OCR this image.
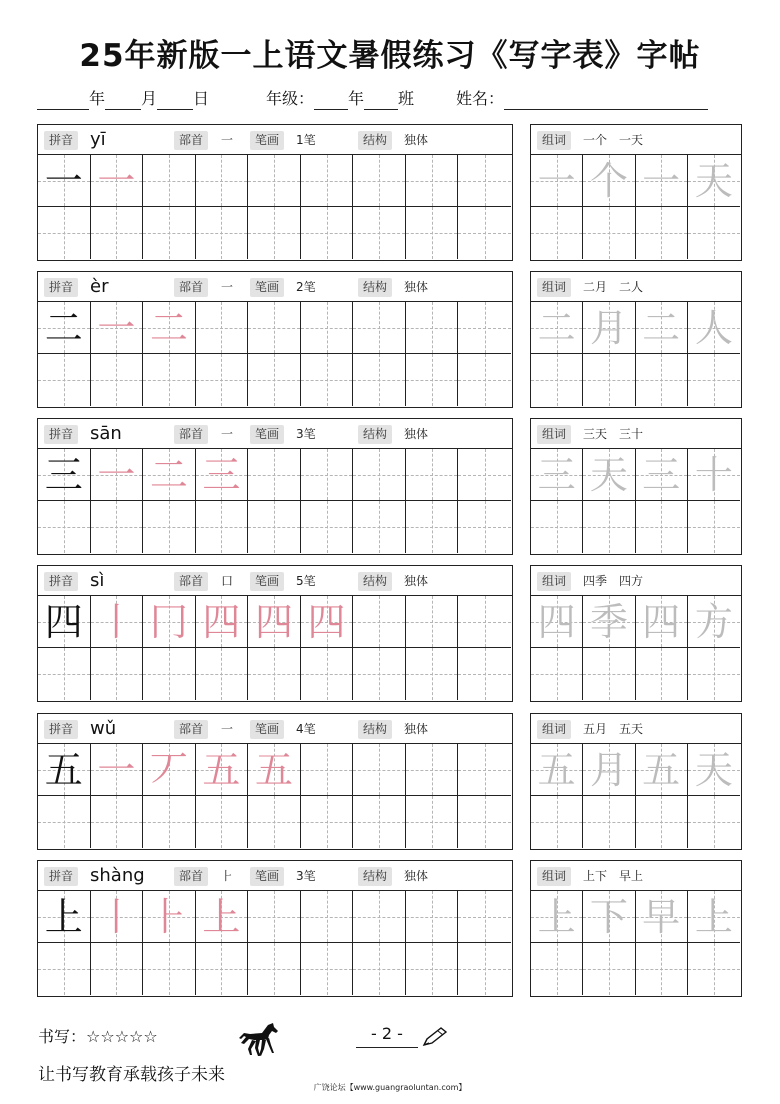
25年新版一上语文暑假练习《写字表》字帖
年 月 日	年级： 年 班	姓名：
拼音 yī	部首	一	笔画	1笔	结构	独体
一 一
组词	一个　一天
一 个 一 天
拼音 èr	部首	一	笔画	2笔	结构	独体
二 一 二
组词	二月　二人
二 月 二 人
拼音 sān	部首	一	笔画	3笔	结构	独体
三 一 二 三
组词	三天　三十
三 天 三 十
拼音 sì	部首	口	笔画	5笔	结构	独体
四 丨 冂 四 四 四
组词	四季　四方
四 季 四 方
拼音 wǔ	部首	一	笔画	4笔	结构	独体
五 一 丆 五 五
组词	五月　五天
五 月 五 天
拼音 shàng	部首	⺊	笔画	3笔	结构	独体
上 丨 ⺊ 上
组词	上下　早上
上 下 早 上
书写：☆☆☆☆☆	- 2 -
让书写教育承载孩子未来
广饶论坛【www.guangraoluntan.com】
